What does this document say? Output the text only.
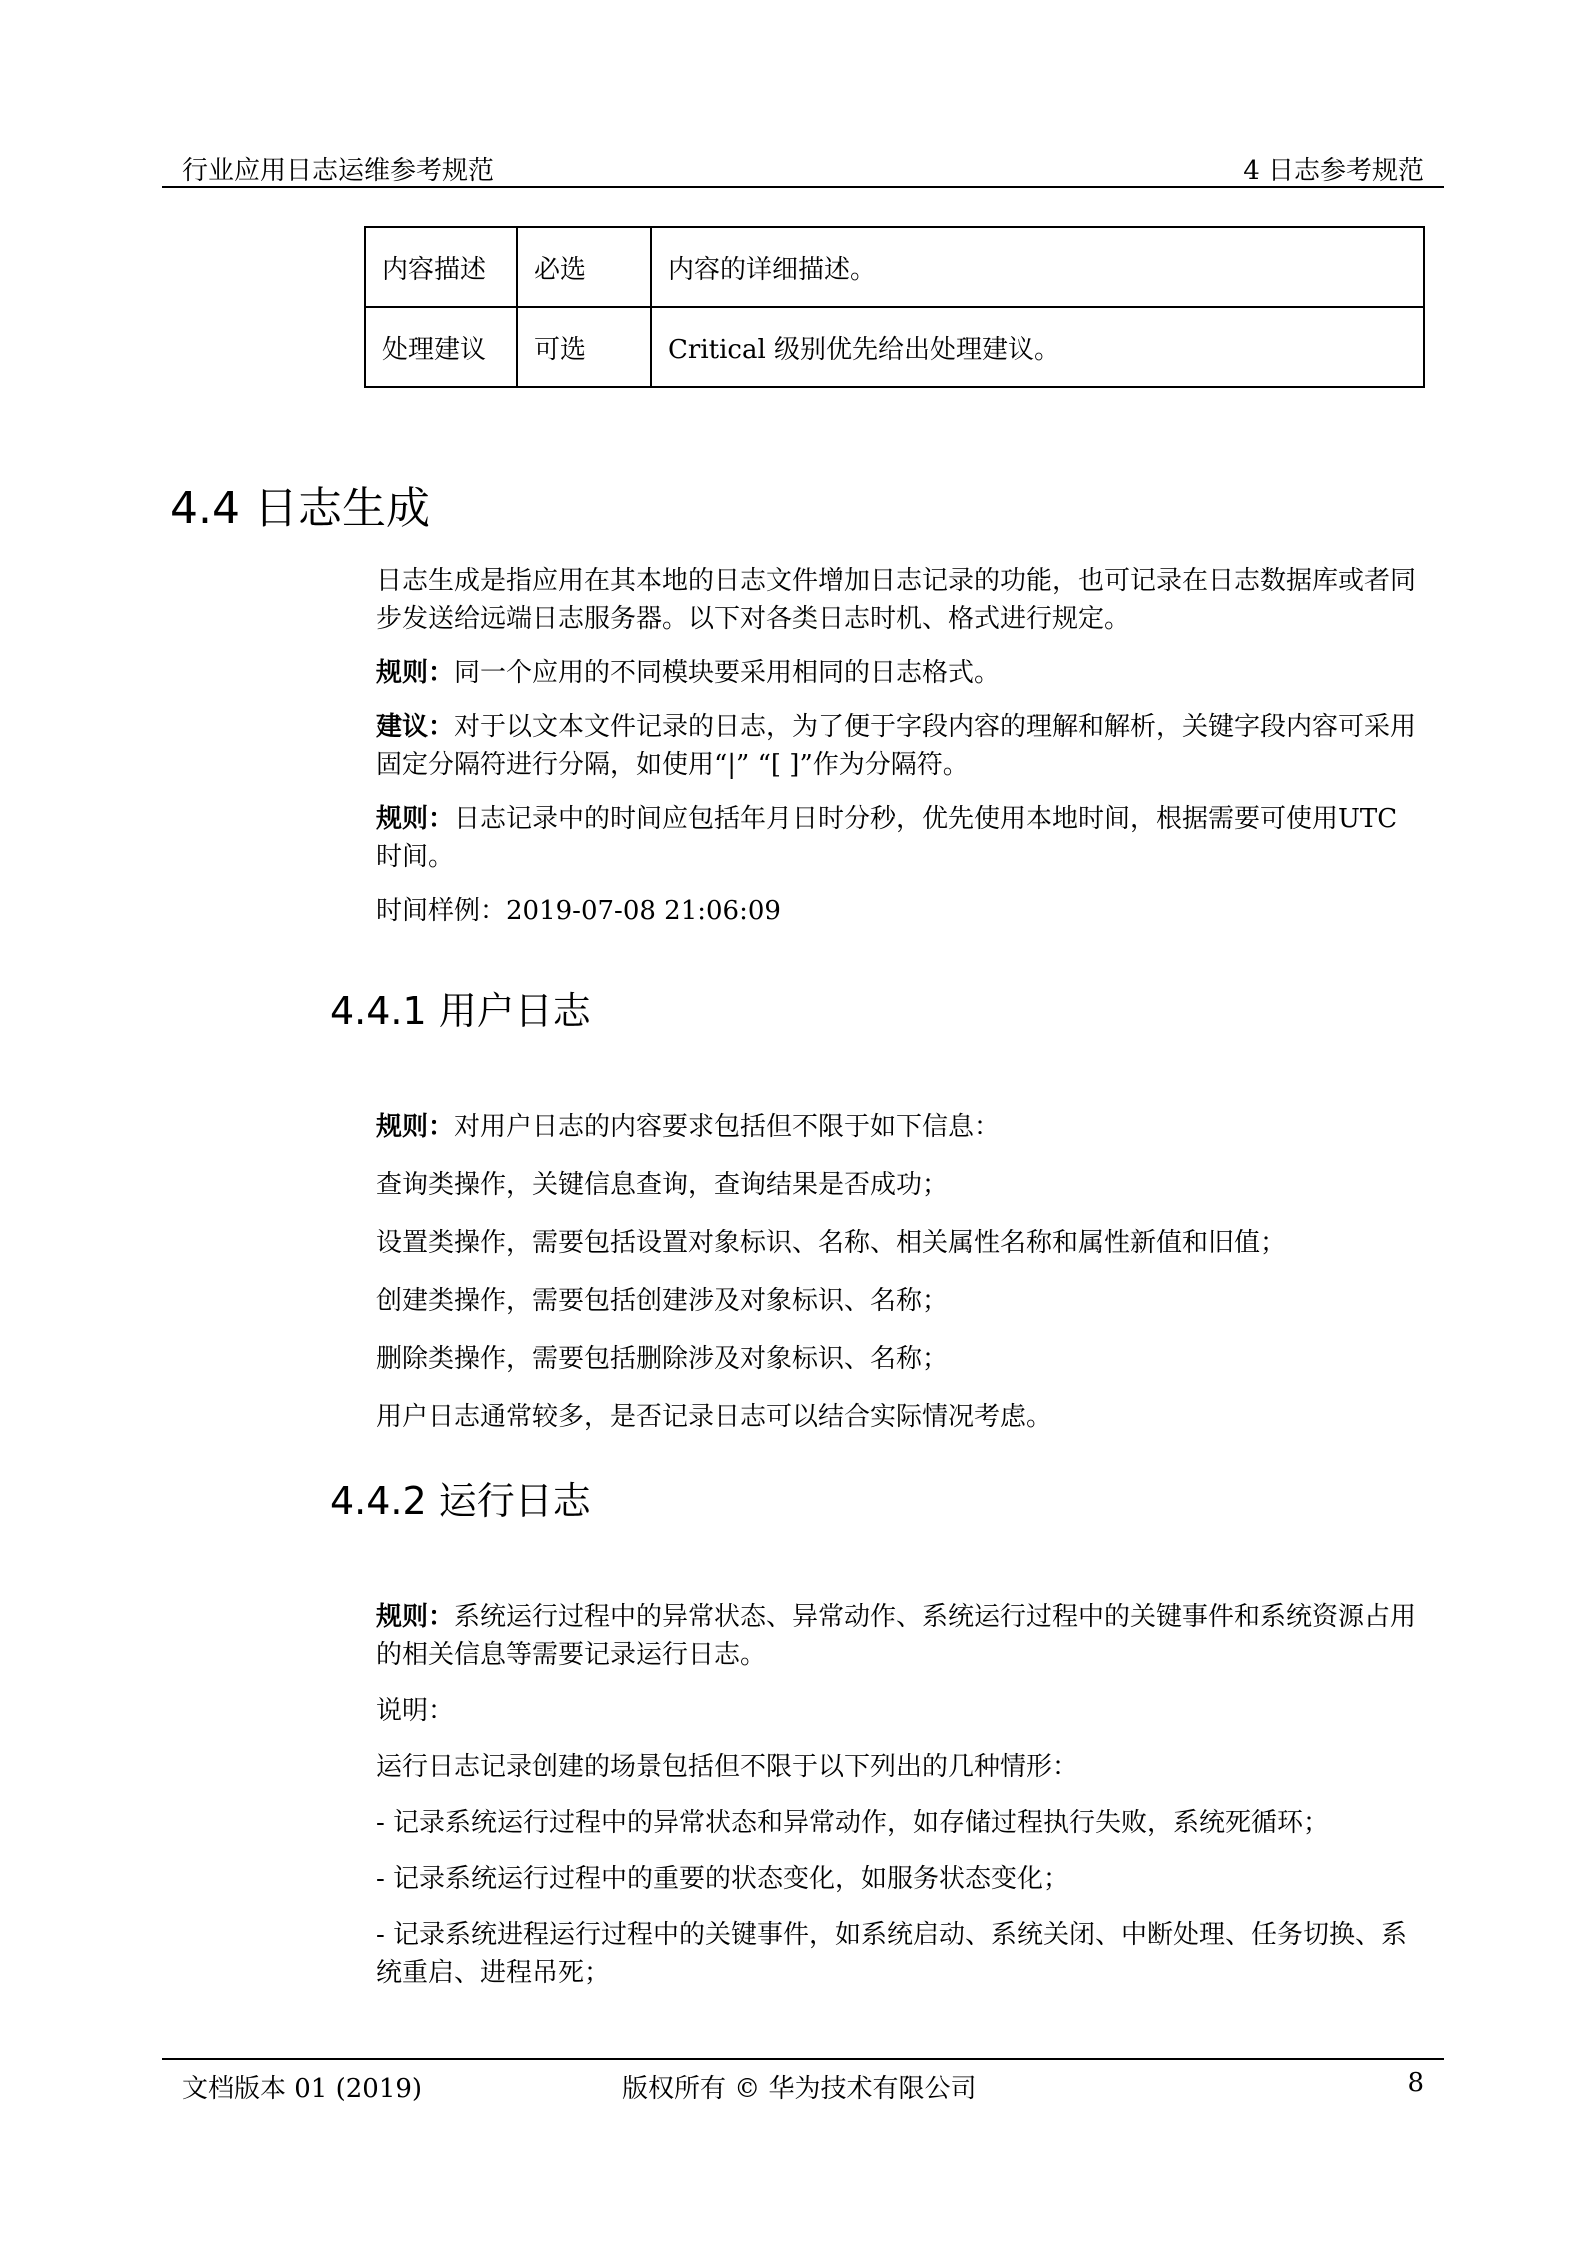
行业应用日志运维参考规范	4 日志参考规范
内容描述	必选	内容的详细描述。
处理建议	可选	Critical 级别优先给出处理建议。
4.4 日志生成

日志生成是指应用在其本地的日志文件增加日志记录的功能，也可记录在日志数据库或者同步发送给远端日志服务器。以下对各类日志时机、格式进行规定。

规则：同一个应用的不同模块要采用相同的日志格式。

建议：对于以文本文件记录的日志，为了便于字段内容的理解和解析，关键字段内容可采用固定分隔符进行分隔，如使用“|” “[ ]”作为分隔符。

规则：日志记录中的时间应包括年月日时分秒，优先使用本地时间，根据需要可使用UTC 时间。

时间样例：2019-07-08 21:06:09

4.4.1 用户日志

规则：对用户日志的内容要求包括但不限于如下信息：

查询类操作，关键信息查询，查询结果是否成功；

设置类操作，需要包括设置对象标识、名称、相关属性名称和属性新值和旧值；

创建类操作，需要包括创建涉及对象标识、名称；

删除类操作，需要包括删除涉及对象标识、名称；

用户日志通常较多，是否记录日志可以结合实际情况考虑。

4.4.2 运行日志

规则：系统运行过程中的异常状态、异常动作、系统运行过程中的关键事件和系统资源占用的相关信息等需要记录运行日志。

说明：

运行日志记录创建的场景包括但不限于以下列出的几种情形：

- 记录系统运行过程中的异常状态和异常动作，如存储过程执行失败，系统死循环；

- 记录系统运行过程中的重要的状态变化，如服务状态变化；

- 记录系统进程运行过程中的关键事件，如系统启动、系统关闭、中断处理、任务切换、系统重启、进程吊死；

文档版本 01 (2019)	版权所有 © 华为技术有限公司	8
